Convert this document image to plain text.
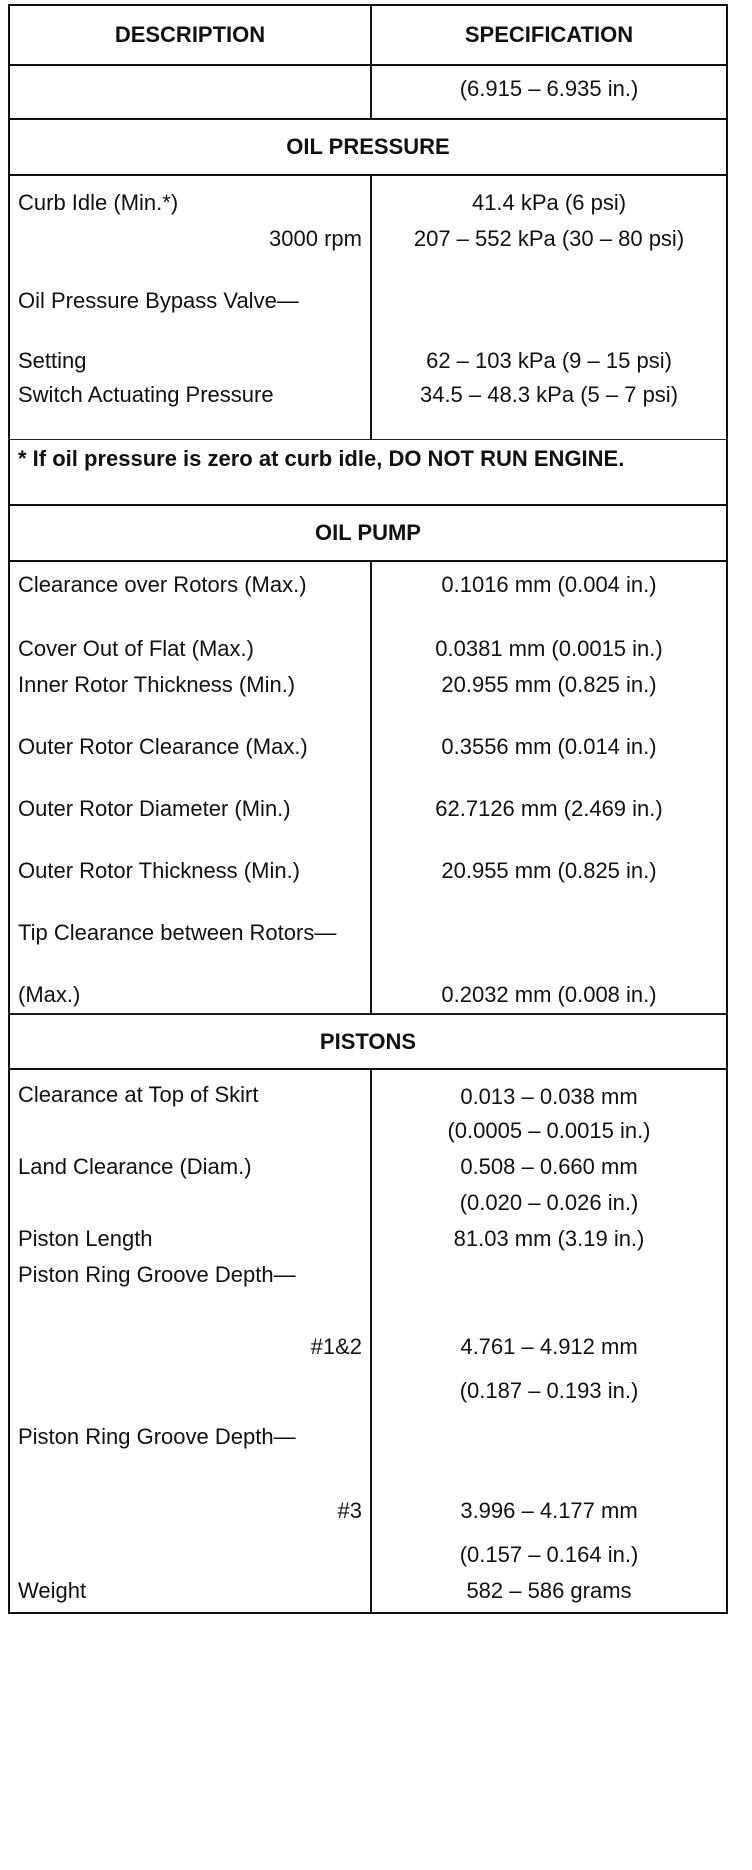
DESCRIPTION	SPECIFICATION
(6.915 – 6.935 in.)
OIL PRESSURE
Curb Idle (Min.*)	41.4 kPa (6 psi)
3000 rpm	207 – 552 kPa (30 – 80 psi)
Oil Pressure Bypass Valve—
Setting	62 – 103 kPa (9 – 15 psi)
Switch Actuating Pressure	34.5 – 48.3 kPa (5 – 7 psi)
* If oil pressure is zero at curb idle, DO NOT RUN ENGINE.
OIL PUMP
Clearance over Rotors (Max.)	0.1016 mm (0.004 in.)
Cover Out of Flat (Max.)	0.0381 mm (0.0015 in.)
Inner Rotor Thickness (Min.)	20.955 mm (0.825 in.)
Outer Rotor Clearance (Max.)	0.3556 mm (0.014 in.)
Outer Rotor Diameter (Min.)	62.7126 mm (2.469 in.)
Outer Rotor Thickness (Min.)	20.955 mm (0.825 in.)
Tip Clearance between Rotors—
(Max.)	0.2032 mm (0.008 in.)
PISTONS
Clearance at Top of Skirt	0.013 – 0.038 mm
(0.0005 – 0.0015 in.)
Land Clearance (Diam.)	0.508 – 0.660 mm
(0.020 – 0.026 in.)
Piston Length	81.03 mm (3.19 in.)
Piston Ring Groove Depth—
#1&2	4.761 – 4.912 mm
(0.187 – 0.193 in.)
Piston Ring Groove Depth—
#3	3.996 – 4.177 mm
(0.157 – 0.164 in.)
Weight	582 – 586 grams
